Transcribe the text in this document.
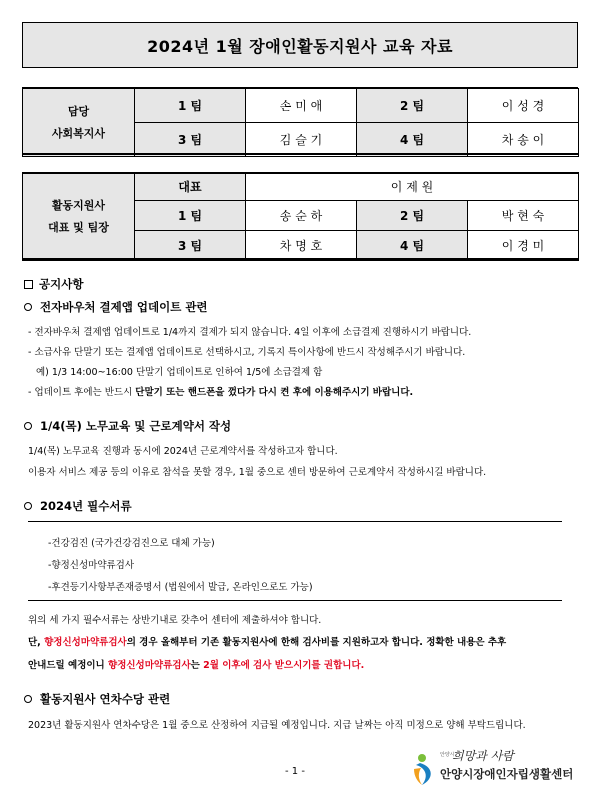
2024년 1월 장애인활동지원사 교육 자료
담당
사회복지사	1 팀	손 미 애	2 팀	이 성 경
	3 팀	김 슬 기	4 팀	차 송 이
활동지원사
대표 및 팀장	대표	이 제 원		
	1 팀	송 순 하	2 팀	박 현 숙
	3 팀	차 명 호	4 팀	이 경 미
공지사항
전자바우처 결제앱 업데이트 관련
- 전자바우처 결제앱 업데이트로 1/4까지 결제가 되지 않습니다. 4일 이후에 소급결제 진행하시기 바랍니다.
- 소급사유 단말기 또는 결제앱 업데이트로 선택하시고, 기록지 특이사항에 반드시 작성해주시기 바랍니다.
예) 1/3 14:00~16:00 단말기 업데이트로 인하여 1/5에 소급결제 함
- 업데이트 후에는 반드시 단말기 또는 핸드폰을 껐다가 다시 켠 후에 이용해주시기 바랍니다.
1/4(목) 노무교육 및 근로계약서 작성
1/4(목) 노무교육 진행과 동시에 2024년 근로계약서를 작성하고자 합니다.
이용자 서비스 제공 등의 이유로 참석을 못할 경우, 1월 중으로 센터 방문하여 근로계약서 작성하시길 바랍니다.
2024년 필수서류
-건강검진 (국가건강검진으로 대체 가능)
-향정신성마약류검사
-후견등기사항부존재증명서 (법원에서 발급, 온라인으로도 가능)
위의 세 가지 필수서류는 상반기내로 갖추어 센터에 제출하셔야 합니다.
단, 향정신성마약류검사의 경우 올해부터 기존 활동지원사에 한해 검사비를 지원하고자 합니다. 정확한 내용은 추후
안내드릴 예정이니 향정신성마약류검사는 2월 이후에 검사 받으시기를 권합니다.
활동지원사 연차수당 관련
2023년 활동지원사 연차수당은 1월 중으로 산정하여 지급될 예정입니다. 지급 날짜는 아직 미정으로 양해 부탁드립니다.
- 1 -
안양시
희망과 사람
안양시장애인자립생활센터
